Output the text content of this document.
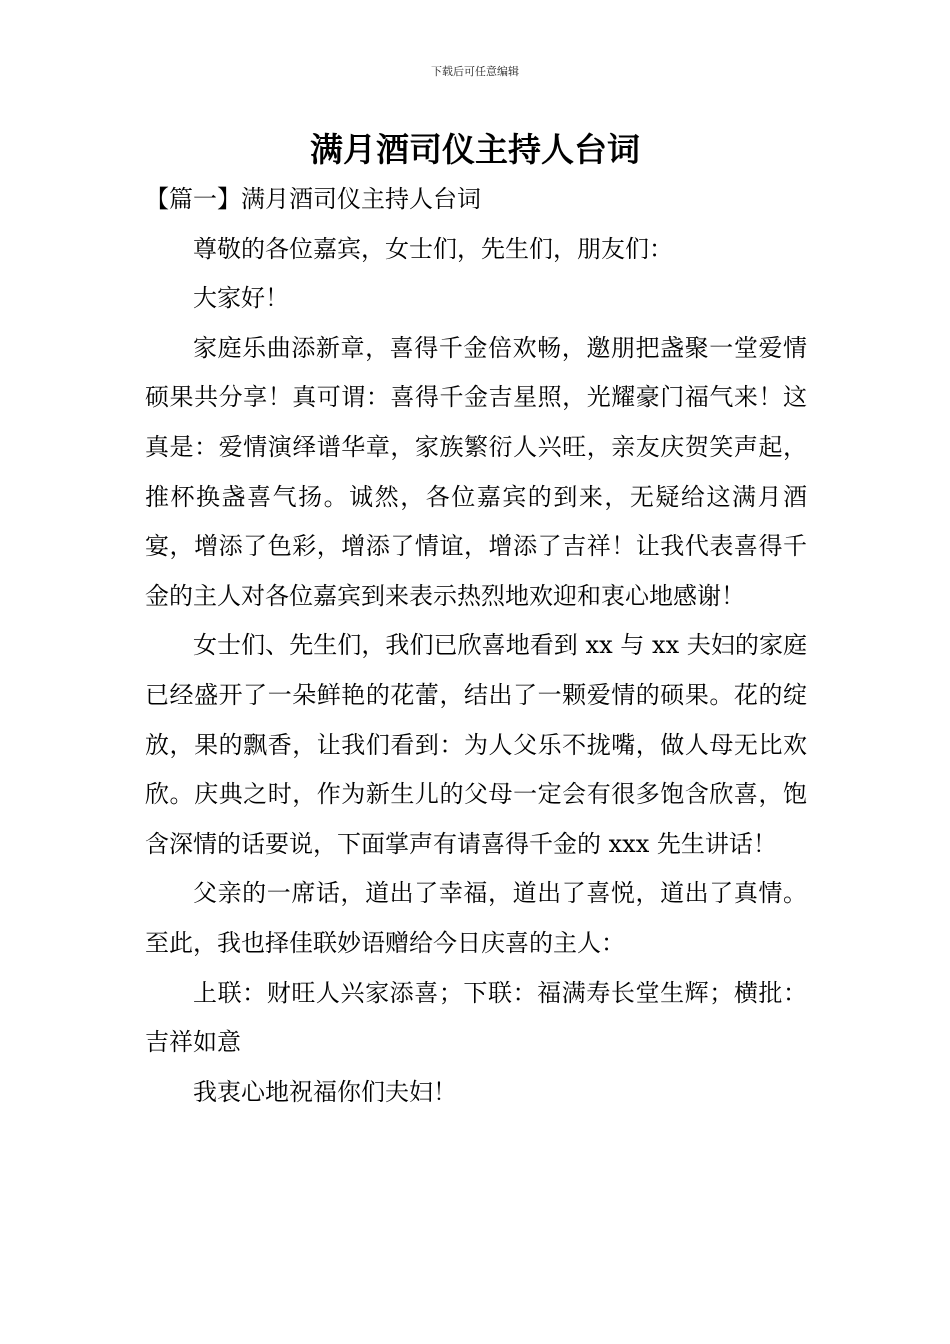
下载后可任意编辑
满月酒司仪主持人台词
【篇一】满月酒司仪主持人台词

尊敬的各位嘉宾，女士们，先生们，朋友们：

大家好！

家庭乐曲添新章，喜得千金倍欢畅，邀朋把盏聚一堂爱情硕果共分享！真可谓：喜得千金吉星照，光耀豪门福气来！这真是：爱情演绎谱华章，家族繁衍人兴旺，亲友庆贺笑声起，推杯换盏喜气扬。诚然，各位嘉宾的到来，无疑给这满月酒宴，增添了色彩，增添了情谊，增添了吉祥！让我代表喜得千金的主人对各位嘉宾到来表示热烈地欢迎和衷心地感谢！

女士们、先生们，我们已欣喜地看到 xx 与 xx 夫妇的家庭已经盛开了一朵鲜艳的花蕾，结出了一颗爱情的硕果。花的绽放，果的飘香，让我们看到：为人父乐不拢嘴，做人母无比欢欣。庆典之时，作为新生儿的父母一定会有很多饱含欣喜，饱含深情的话要说，下面掌声有请喜得千金的 xxx 先生讲话！

父亲的一席话，道出了幸福，道出了喜悦，道出了真情。至此，我也择佳联妙语赠给今日庆喜的主人：

上联：财旺人兴家添喜；下联：福满寿长堂生辉；横批：吉祥如意

我衷心地祝福你们夫妇！
